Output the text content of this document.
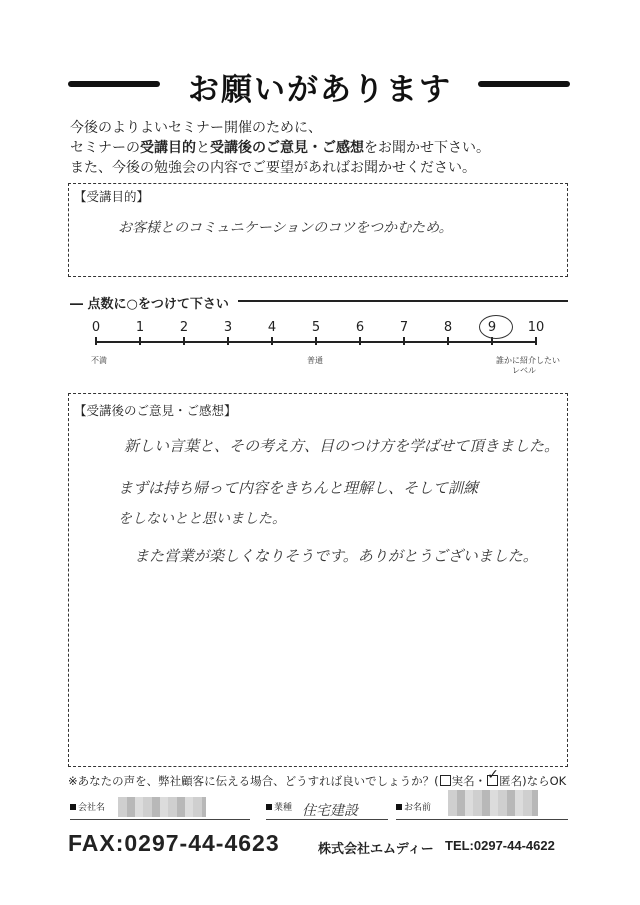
お願いがあります
今後のよりよいセミナー開催のために、
セミナーの受講目的と受講後のご意見・ご感想をお聞かせ下さい。
また、今後の勉強会の内容でご要望があればお聞かせください。
【受講目的】
お客様とのコミュニケーションのコツをつかむため。
― 点数に○をつけて下さい
0	1	2	3	4	5	6	7	8	9	10
不満	普通	誰かに紹介したい
レベル
【受講後のご意見・ご感想】
新しい言葉と、その考え方、目のつけ方を学ばせて頂きました。
まずは持ち帰って内容をきちんと理解し、そして訓練
をしないとと思いました。
また営業が楽しくなりそうです。ありがとうございました。
※あなたの声を、弊社顧客に伝える場合、どうすれば良いでしょうか？( 実名・ ✓ 匿名)ならOK
会社名	業種 住宅建設	お名前
FAX:0297-44-4623	株式会社エムディー TEL:0297-44-4622
